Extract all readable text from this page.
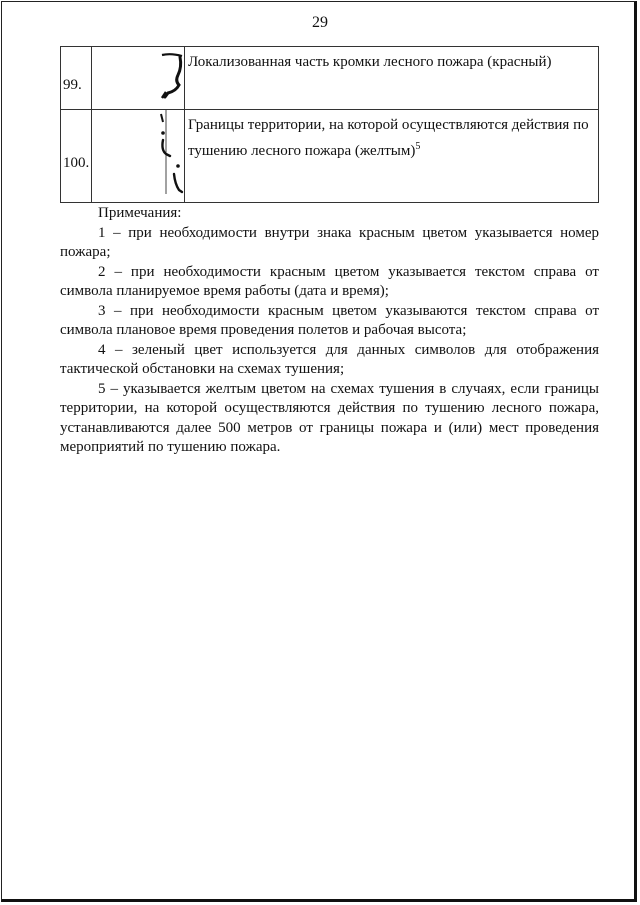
29
99.		Локализованная часть кромки лесного пожара (красный)

100.		Границы территории, на которой осуществляются действия по тушению лесного пожара (желтым)$^5$

Примечания:

1 – при необходимости внутри знака красным цветом указывается номер пожара;

2 – при необходимости красным цветом указывается текстом справа от символа планируемое время работы (дата и время);

3 – при необходимости красным цветом указываются текстом справа от символа плановое время проведения полетов и рабочая высота;

4 – зеленый цвет используется для данных символов для отображения тактической обстановки на схемах тушения;

5 – указывается желтым цветом на схемах тушения в случаях, если границы территории, на которой осуществляются действия по тушению лесного пожара, устанавливаются далее 500 метров от границы пожара и (или) мест проведения мероприятий по тушению пожара.
